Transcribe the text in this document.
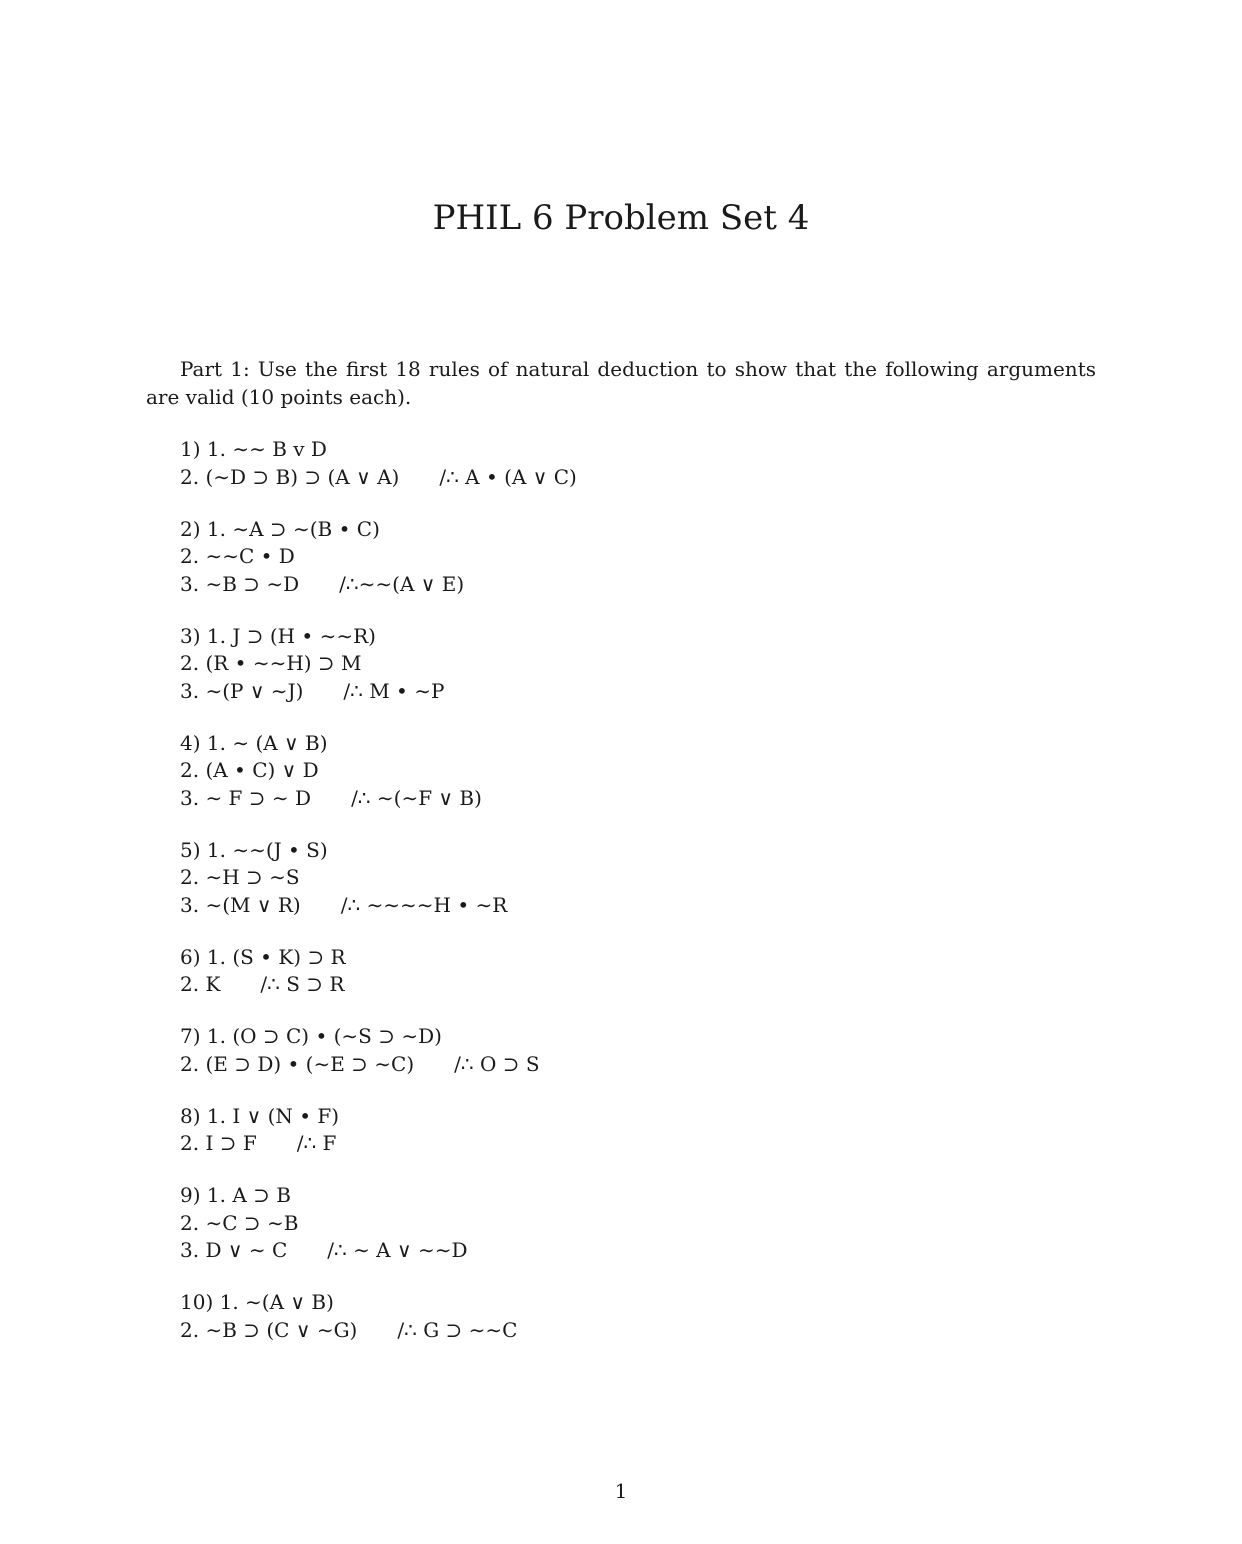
PHIL 6 Problem Set 4

Part 1: Use the first 18 rules of natural deduction to show that the following arguments are valid (10 points each).

1) 1. ∼∼ B v D
2. (∼D ⊃ B) ⊃ (A ∨ A) /∴ A • (A ∨ C)
2) 1. ∼A ⊃ ∼(B • C)
2. ∼∼C • D
3. ∼B ⊃ ∼D /∴∼∼(A ∨ E)
3) 1. J ⊃ (H • ∼∼R)
2. (R • ∼∼H) ⊃ M
3. ∼(P ∨ ∼J) /∴ M • ∼P
4) 1. ∼ (A ∨ B)
2. (A • C) ∨ D
3. ∼ F ⊃ ∼ D /∴ ∼(∼F ∨ B)
5) 1. ∼∼(J • S)
2. ∼H ⊃ ∼S
3. ∼(M ∨ R) /∴ ∼∼∼∼H • ∼R
6) 1. (S • K) ⊃ R
2. K /∴ S ⊃ R
7) 1. (O ⊃ C) • (∼S ⊃ ∼D)
2. (E ⊃ D) • (∼E ⊃ ∼C) /∴ O ⊃ S
8) 1. I ∨ (N • F)
2. I ⊃ F /∴ F
9) 1. A ⊃ B
2. ∼C ⊃ ∼B
3. D ∨ ∼ C /∴ ∼ A ∨ ∼∼D
10) 1. ∼(A ∨ B)
2. ∼B ⊃ (C ∨ ∼G) /∴ G ⊃ ∼∼C
1
